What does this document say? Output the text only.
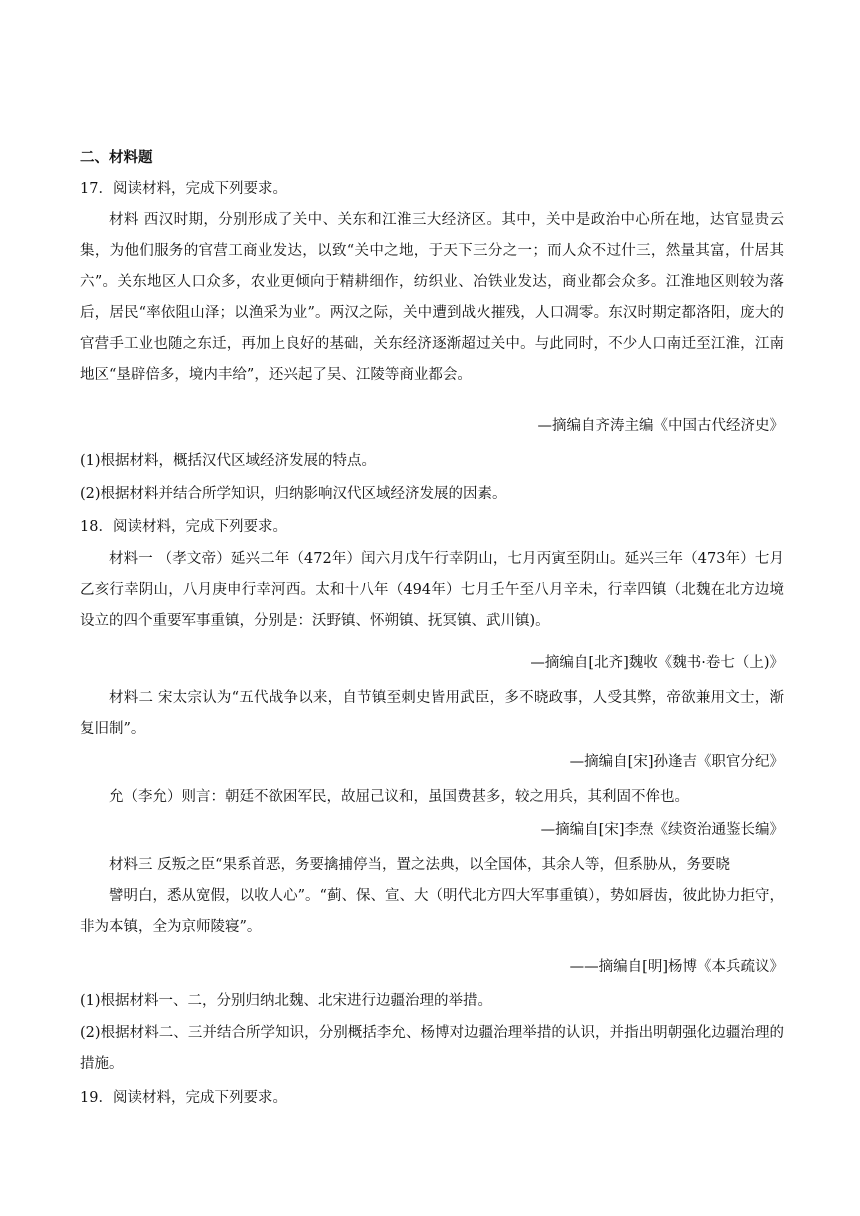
二、材料题
17．阅读材料，完成下列要求。
材料 西汉时期，分别形成了关中、关东和江淮三大经济区。其中，关中是政治中心所在地，达官显贵云集，为他们服务的官营工商业发达，以致“关中之地，于天下三分之一；而人众不过什三，然量其富，什居其六”。关东地区人口众多，农业更倾向于精耕细作，纺织业、冶铁业发达，商业都会众多。江淮地区则较为落后，居民“率依阻山泽；以渔采为业”。两汉之际，关中遭到战火摧残，人口凋零。东汉时期定都洛阳，庞大的官营手工业也随之东迁，再加上良好的基础，关东经济逐渐超过关中。与此同时，不少人口南迁至江淮，江南地区“垦辟倍多，境内丰给”，还兴起了吴、江陵等商业都会。
—摘编自齐涛主编《中国古代经济史》
(1)根据材料，概括汉代区域经济发展的特点。
(2)根据材料并结合所学知识，归纳影响汉代区域经济发展的因素。
18．阅读材料，完成下列要求。
材料一 （孝文帝）延兴二年（472年）闰六月戊午行幸阴山，七月丙寅至阴山。延兴三年（473年）七月乙亥行幸阴山，八月庚申行幸河西。太和十八年（494年）七月壬午至八月辛未，行幸四镇（北魏在北方边境设立的四个重要军事重镇，分别是：沃野镇、怀朔镇、抚冥镇、武川镇)。
—摘编自[北齐]魏收《魏书·卷七（上)》
材料二 宋太宗认为“五代战争以来，自节镇至刺史皆用武臣，多不晓政事，人受其弊，帝欲兼用文士，渐复旧制”。
—摘编自[宋]孙逢吉《职官分纪》
允（李允）则言：朝廷不欲困军民，故屈己议和，虽国费甚多，较之用兵，其利固不侔也。
—摘编自[宋]李焘《续资治通鉴长编》
材料三 反叛之臣“果系首恶，务要擒捕停当，置之法典，以全国体，其余人等，但系胁从，务要晓
譬明白，悉从宽假，以收人心”。“蓟、保、宣、大（明代北方四大军事重镇），势如唇齿，彼此协力拒守，非为本镇，全为京师陵寝”。
——摘编自[明]杨博《本兵疏议》
(1)根据材料一、二，分别归纳北魏、北宋进行边疆治理的举措。
(2)根据材料二、三并结合所学知识，分别概括李允、杨博对边疆治理举措的认识，并指出明朝强化边疆治理的措施。
19．阅读材料，完成下列要求。
